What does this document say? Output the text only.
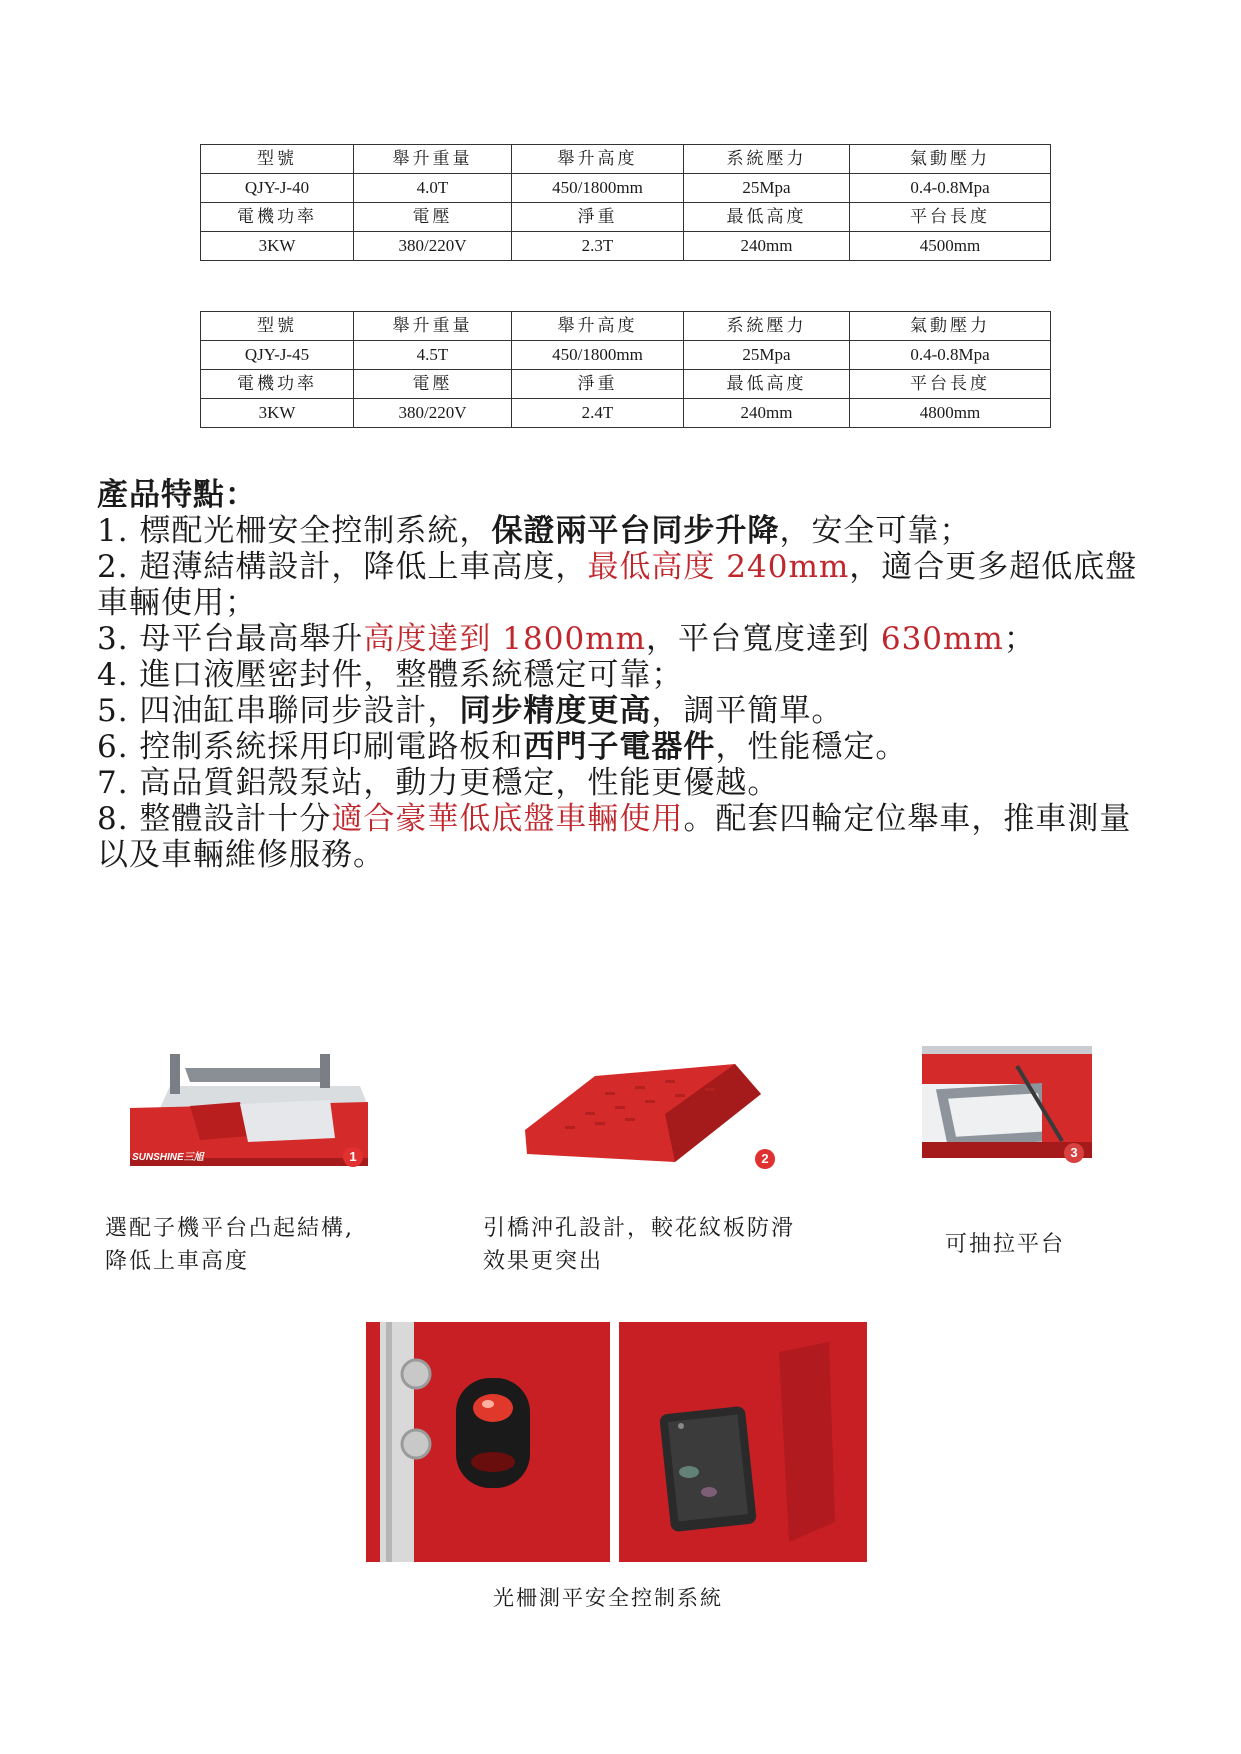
型號	舉升重量	舉升高度	系統壓力	氣動壓力
QJY-J-40	4.0T	450/1800mm	25Mpa	0.4-0.8Mpa
電機功率	電壓	淨重	最低高度	平台長度
3KW	380/220V	2.3T	240mm	4500mm
型號	舉升重量	舉升高度	系統壓力	氣動壓力
QJY-J-45	4.5T	450/1800mm	25Mpa	0.4-0.8Mpa
電機功率	電壓	淨重	最低高度	平台長度
3KW	380/220V	2.4T	240mm	4800mm

產品特點：

1. 標配光柵安全控制系統，保證兩平台同步升降，安全可靠；

2. 超薄結構設計，降低上車高度，最低高度 240mm，適合更多超低底盤車輛使用；

3. 母平台最高舉升高度達到 1800mm，平台寬度達到 630mm；

4. 進口液壓密封件，整體系統穩定可靠；

5. 四油缸串聯同步設計，同步精度更高，調平簡單。

6. 控制系統採用印刷電路板和西門子電器件，性能穩定。

7. 高品質鋁殼泵站，動力更穩定，性能更優越。

8. 整體設計十分適合豪華低底盤車輛使用。配套四輪定位舉車，推車測量以及車輛維修服務。

SUNSHINE三旭	1	2	3
選配子機平台凸起結構,
降低上車高度
引橋沖孔設計，較花紋板防滑
效果更突出
可抽拉平台
光柵測平安全控制系統
